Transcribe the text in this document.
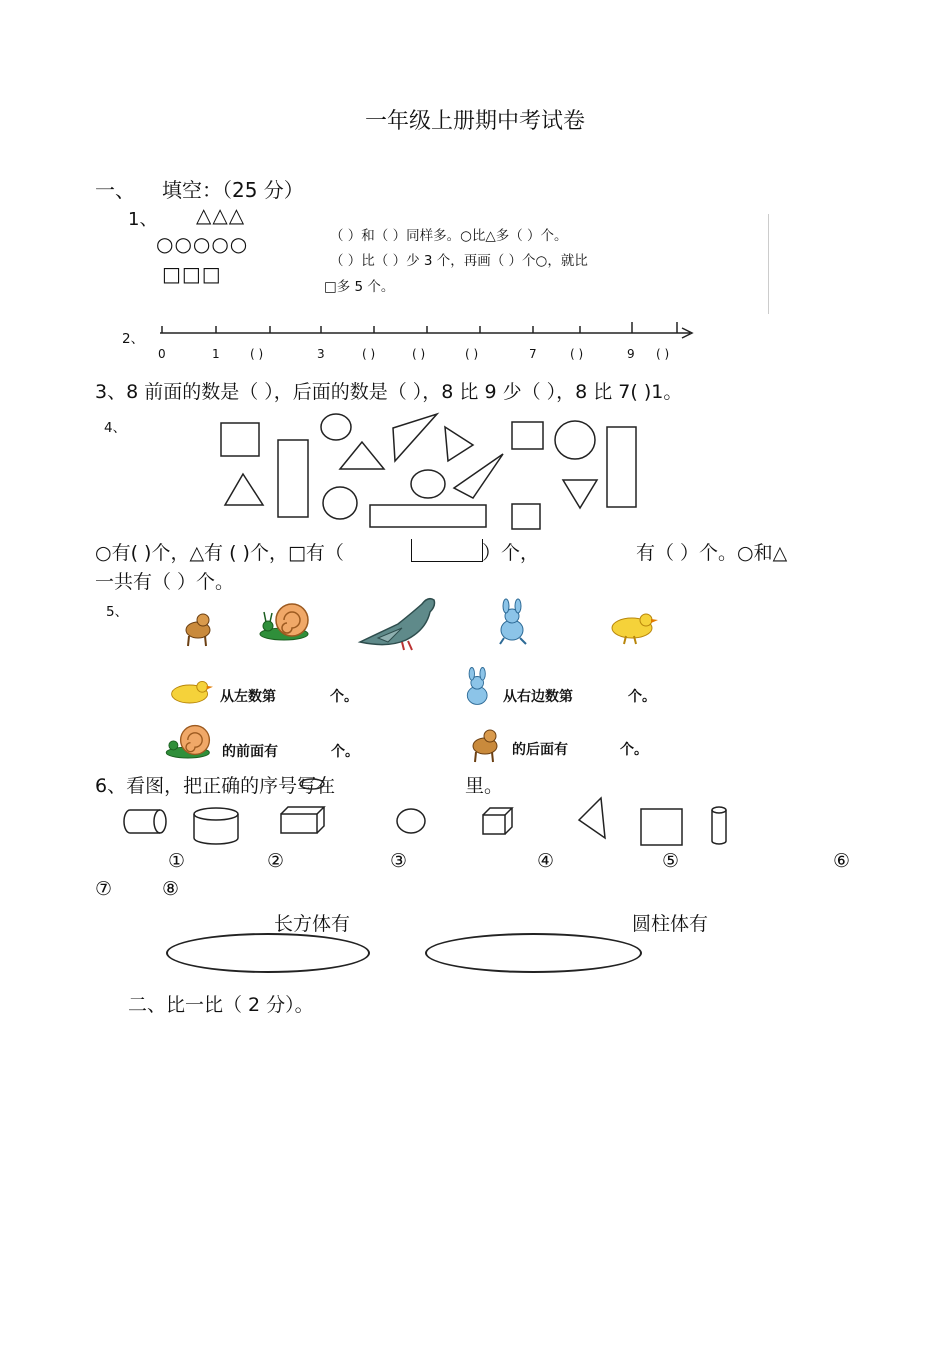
一年级上册期中考试卷
一、 填空：（25 分）
1、 △△△
○○○○○
□□□
（ ）和（ ）同样多。○比△多（ ）个。
（ ）比（ ）少 3 个，再画（ ）个○，就比
□多 5 个。
2、
0	1	( )	3	( )	( )	( )	7	( )	9 ( )
3、8 前面的数是（ ），后面的数是（ ），8 比 9 少（ ），8 比 7( )1。
4、
○有( )个，△有 ( )个，□有（	）个，	有（ ）个。○和△
一共有（ ）个。
5、
从左数第	个。	从右边数第	个。
的前面有	个。	的后面有	个。
6、看图，把正确的序号写在	里。
①	②	③	④	⑤	⑥
⑦	⑧
长方体有	圆柱体有
二、比一比（ 2 分）。
